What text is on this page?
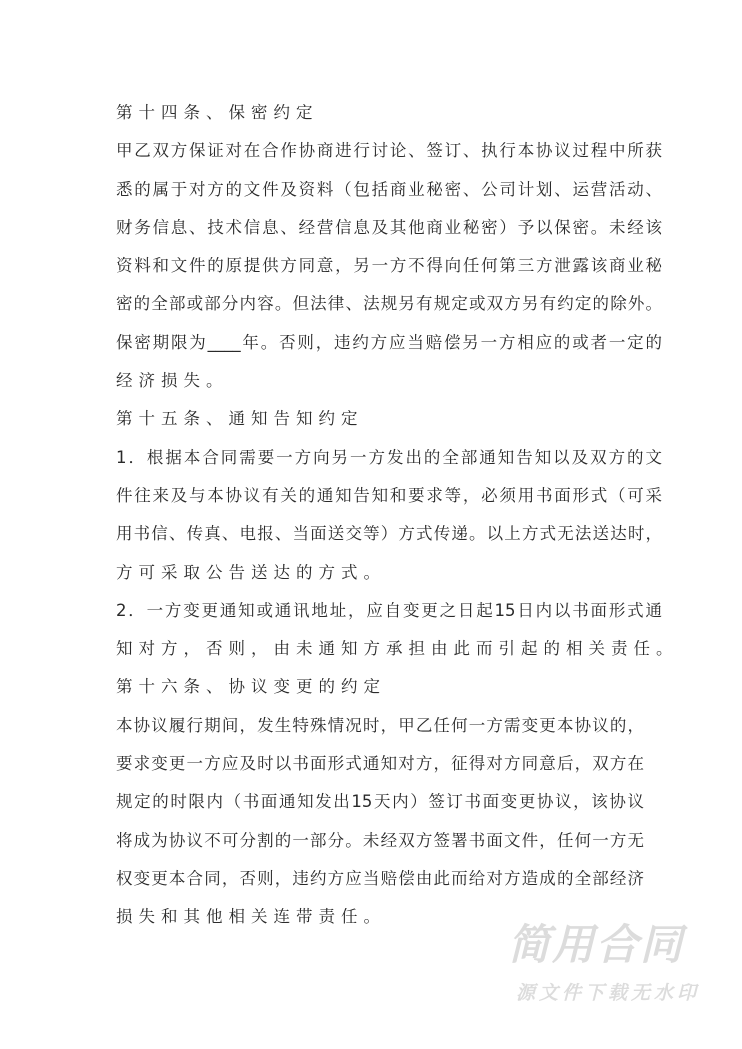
第十四条、保密约定
甲乙双方保证对在合作协商进行讨论、签订、执行本协议过程中所获
悉的属于对方的文件及资料（包括商业秘密、公司计划、运营活动、
财务信息、技术信息、经营信息及其他商业秘密）予以保密。未经该
资料和文件的原提供方同意，另一方不得向任何第三方泄露该商业秘
密的全部或部分内容。但法律、法规另有规定或双方另有约定的除外。
保密期限为____年。否则，违约方应当赔偿另一方相应的或者一定的
经济损失。
第十五条、通知告知约定
1．根据本合同需要一方向另一方发出的全部通知告知以及双方的文
件往来及与本协议有关的通知告知和要求等，必须用书面形式（可采
用书信、传真、电报、当面送交等）方式传递。以上方式无法送达时，
方可采取公告送达的方式。
2．一方变更通知或通讯地址，应自变更之日起15日内以书面形式通
知对方，否则，由未通知方承担由此而引起的相关责任。
第十六条、协议变更的约定
本协议履行期间，发生特殊情况时，甲乙任何一方需变更本协议的，
要求变更一方应及时以书面形式通知对方，征得对方同意后，双方在
规定的时限内（书面通知发出15天内）签订书面变更协议，该协议
将成为协议不可分割的一部分。未经双方签署书面文件，任何一方无
权变更本合同，否则，违约方应当赔偿由此而给对方造成的全部经济
损失和其他相关连带责任。
简用合同
源文件下载无水印
